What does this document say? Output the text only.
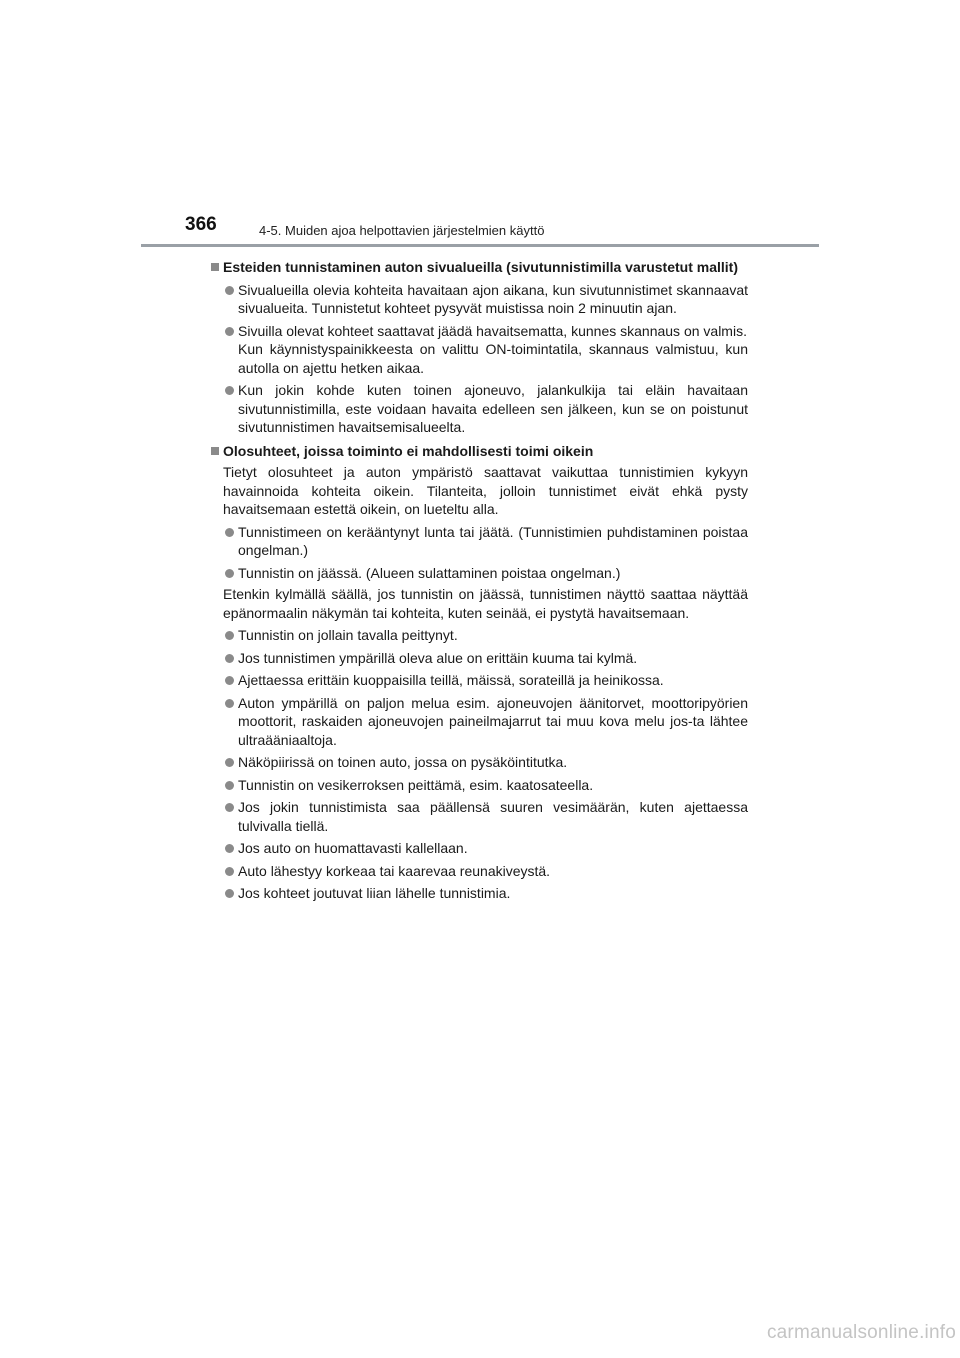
366	4-5. Muiden ajoa helpottavien järjestelmien käyttö
Esteiden tunnistaminen auton sivualueilla (sivutunnistimilla varustetut mallit)
Sivualueilla olevia kohteita havaitaan ajon aikana, kun sivutunnistimet skannaavat sivualueita. Tunnistetut kohteet pysyvät muistissa noin 2 minuutin ajan.
Sivuilla olevat kohteet saattavat jäädä havaitsematta, kunnes skannaus on valmis.
Kun käynnistyspainikkeesta on valittu ON-toimintatila, skannaus valmistuu, kun autolla on ajettu hetken aikaa.
Kun jokin kohde kuten toinen ajoneuvo, jalankulkija tai eläin havaitaan sivutunnistimilla, este voidaan havaita edelleen sen jälkeen, kun se on poistunut sivutunnistimen havaitsemisalueelta.
Olosuhteet, joissa toiminto ei mahdollisesti toimi oikein
Tietyt olosuhteet ja auton ympäristö saattavat vaikuttaa tunnistimien kykyyn havainnoida kohteita oikein. Tilanteita, jolloin tunnistimet eivät ehkä pysty havaitsemaan estettä oikein, on lueteltu alla.
Tunnistimeen on kerääntynyt lunta tai jäätä. (Tunnistimien puhdistaminen poistaa ongelman.)
Tunnistin on jäässä. (Alueen sulattaminen poistaa ongelman.)
Etenkin kylmällä säällä, jos tunnistin on jäässä, tunnistimen näyttö saattaa näyttää epänormaalin näkymän tai kohteita, kuten seinää, ei pystytä havaitsemaan.
Tunnistin on jollain tavalla peittynyt.
Jos tunnistimen ympärillä oleva alue on erittäin kuuma tai kylmä.
Ajettaessa erittäin kuoppaisilla teillä, mäissä, sorateillä ja heinikossa.
Auton ympärillä on paljon melua esim. ajoneuvojen äänitorvet, moottoripyörien moottorit, raskaiden ajoneuvojen paineilmajarrut tai muu kova melu jos-ta lähtee ultraääniaaltoja.
Näköpiirissä on toinen auto, jossa on pysäköintitutka.
Tunnistin on vesikerroksen peittämä, esim. kaatosateella.
Jos jokin tunnistimista saa päällensä suuren vesimäärän, kuten ajettaessa tulvivalla tiellä.
Jos auto on huomattavasti kallellaan.
Auto lähestyy korkeaa tai kaarevaa reunakiveystä.
Jos kohteet joutuvat liian lähelle tunnistimia.
carmanualsonline.info
